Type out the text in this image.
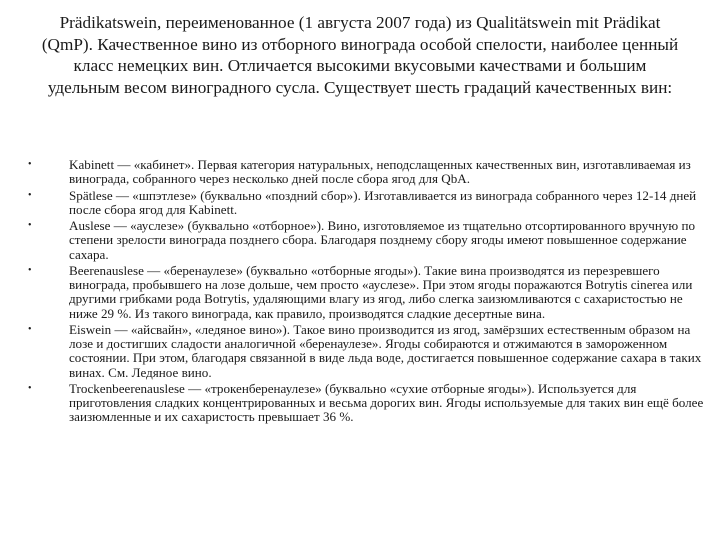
Prädikatswein, переименованное (1 августа 2007 года) из Qualitätswein mit Prädikat (QmP). Качественное вино из отборного винограда особой спелости, наиболее ценный класс немецких вин. Отличается высокими вкусовыми качествами и большим удельным весом виноградного сусла. Существует шесть градаций качественных вин:

•	Kabinett — «кабинет». Первая категория натуральных, неподслащенных качественных вин, изготавливаемая из винограда, собранного через несколько дней после сбора ягод для QbA.
•	Spätlese — «шпэтлезе» (буквально «поздний сбор»). Изготавливается из винограда собранного через 12-14 дней после сбора ягод для Kabinett.
•	Auslese — «ауслезе» (буквально «отборное»). Вино, изготовляемое из тщательно отсортированного вручную по степени зрелости винограда позднего сбора. Благодаря позднему сбору ягоды имеют повышенное содержание сахара.
•	Beerenauslese — «беренаулезе» (буквально «отборные ягоды»). Такие вина производятся из перезревшего винограда, пробывшего на лозе дольше, чем просто «ауслезе». При этом ягоды поражаются Botrytis cinerea или другими грибками рода Botrytis, удаляющими влагу из ягод, либо слегка заизюмливаются с сахаристостью не ниже 29 %. Из такого винограда, как правило, производятся сладкие десертные вина.
•	Eiswein — «айсвайн», «ледяное вино»). Такое вино производится из ягод, замёрзших естественным образом на лозе и достигших сладости аналогичной «беренаулезе». Ягоды собираются и отжимаются в замороженном состоянии. При этом, благодаря связанной в виде льда воде, достигается повышенное содержание сахара в таких винах. См. Ледяное вино.
•	Trockenbeerenauslese — «трокенберенаулезе» (буквально «сухие отборные ягоды»). Используется для приготовления сладких концентрированных и весьма дорогих вин. Ягоды используемые для таких вин ещё более заизюмленные и их сахаристость превышает 36 %.
